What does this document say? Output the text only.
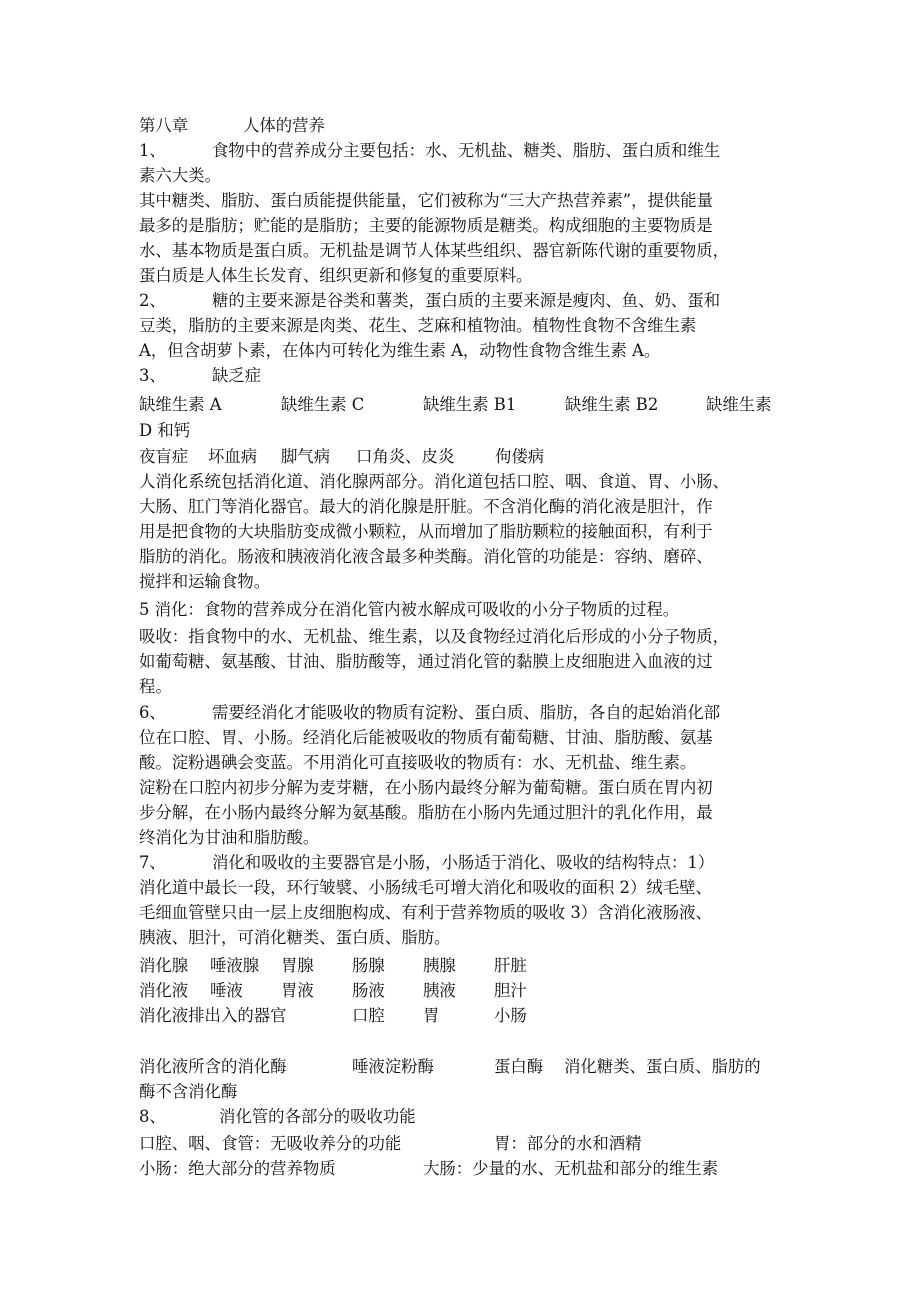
第八章	人体的营养
1、	食物中的营养成分主要包括：水、无机盐、糖类、脂肪、蛋白质和维生
素六大类。
其中糖类、脂肪、蛋白质能提供能量，它们被称为“三大产热营养素”，提供能量
最多的是脂肪；贮能的是脂肪；主要的能源物质是糖类。构成细胞的主要物质是
水、基本物质是蛋白质。无机盐是调节人体某些组织、器官新陈代谢的重要物质，
蛋白质是人体生长发育、组织更新和修复的重要原料。
2、	糖的主要来源是谷类和薯类，蛋白质的主要来源是瘦肉、鱼、奶、蛋和
豆类，脂肪的主要来源是肉类、花生、芝麻和植物油。植物性食物不含维生素
A，但含胡萝卜素，在体内可转化为维生素 A，动物性食物含维生素 A。
3、	缺乏症
缺维生素 A	缺维生素 C	缺维生素 B1	缺维生素 B2	缺维生素
D 和钙
夜盲症 坏血病 脚气病 口角炎、皮炎 佝偻病
人消化系统包括消化道、消化腺两部分。消化道包括口腔、咽、食道、胃、小肠、
大肠、肛门等消化器官。最大的消化腺是肝脏。不含消化酶的消化液是胆汁，作
用是把食物的大块脂肪变成微小颗粒，从而增加了脂肪颗粒的接触面积，有利于
脂肪的消化。肠液和胰液消化液含最多种类酶。消化管的功能是：容纳、磨碎、
搅拌和运输食物。
5 消化：食物的营养成分在消化管内被水解成可吸收的小分子物质的过程。
吸收：指食物中的水、无机盐、维生素，以及食物经过消化后形成的小分子物质，
如葡萄糖、氨基酸、甘油、脂肪酸等，通过消化管的黏膜上皮细胞进入血液的过
程。
6、	需要经消化才能吸收的物质有淀粉、蛋白质、脂肪，各自的起始消化部
位在口腔、胃、小肠。经消化后能被吸收的物质有葡萄糖、甘油、脂肪酸、氨基
酸。淀粉遇碘会变蓝。不用消化可直接吸收的物质有：水、无机盐、维生素。
淀粉在口腔内初步分解为麦芽糖，在小肠内最终分解为葡萄糖。蛋白质在胃内初
步分解，在小肠内最终分解为氨基酸。脂肪在小肠内先通过胆汁的乳化作用，最
终消化为甘油和脂肪酸。
7、	消化和吸收的主要器官是小肠，小肠适于消化、吸收的结构特点：1）
消化道中最长一段，环行皱襞、小肠绒毛可增大消化和吸收的面积 2）绒毛壁、
毛细血管壁只由一层上皮细胞构成、有利于营养物质的吸收 3）含消化液肠液、
胰液、胆汁，可消化糖类、蛋白质、脂肪。
消化腺 唾液腺 胃腺 肠腺 胰腺 肝脏
消化液 唾液 胃液 肠液 胰液 胆汁
消化液排出入的器官	口腔 胃	小肠
消化液所含的消化酶	唾液淀粉酶	蛋白酶 消化糖类、蛋白质、脂肪的
酶不含消化酶
8、	消化管的各部分的吸收功能
口腔、咽、食管：无吸收养分的功能	胃：部分的水和酒精
小肠：绝大部分的营养物质	大肠：少量的水、无机盐和部分的维生素
